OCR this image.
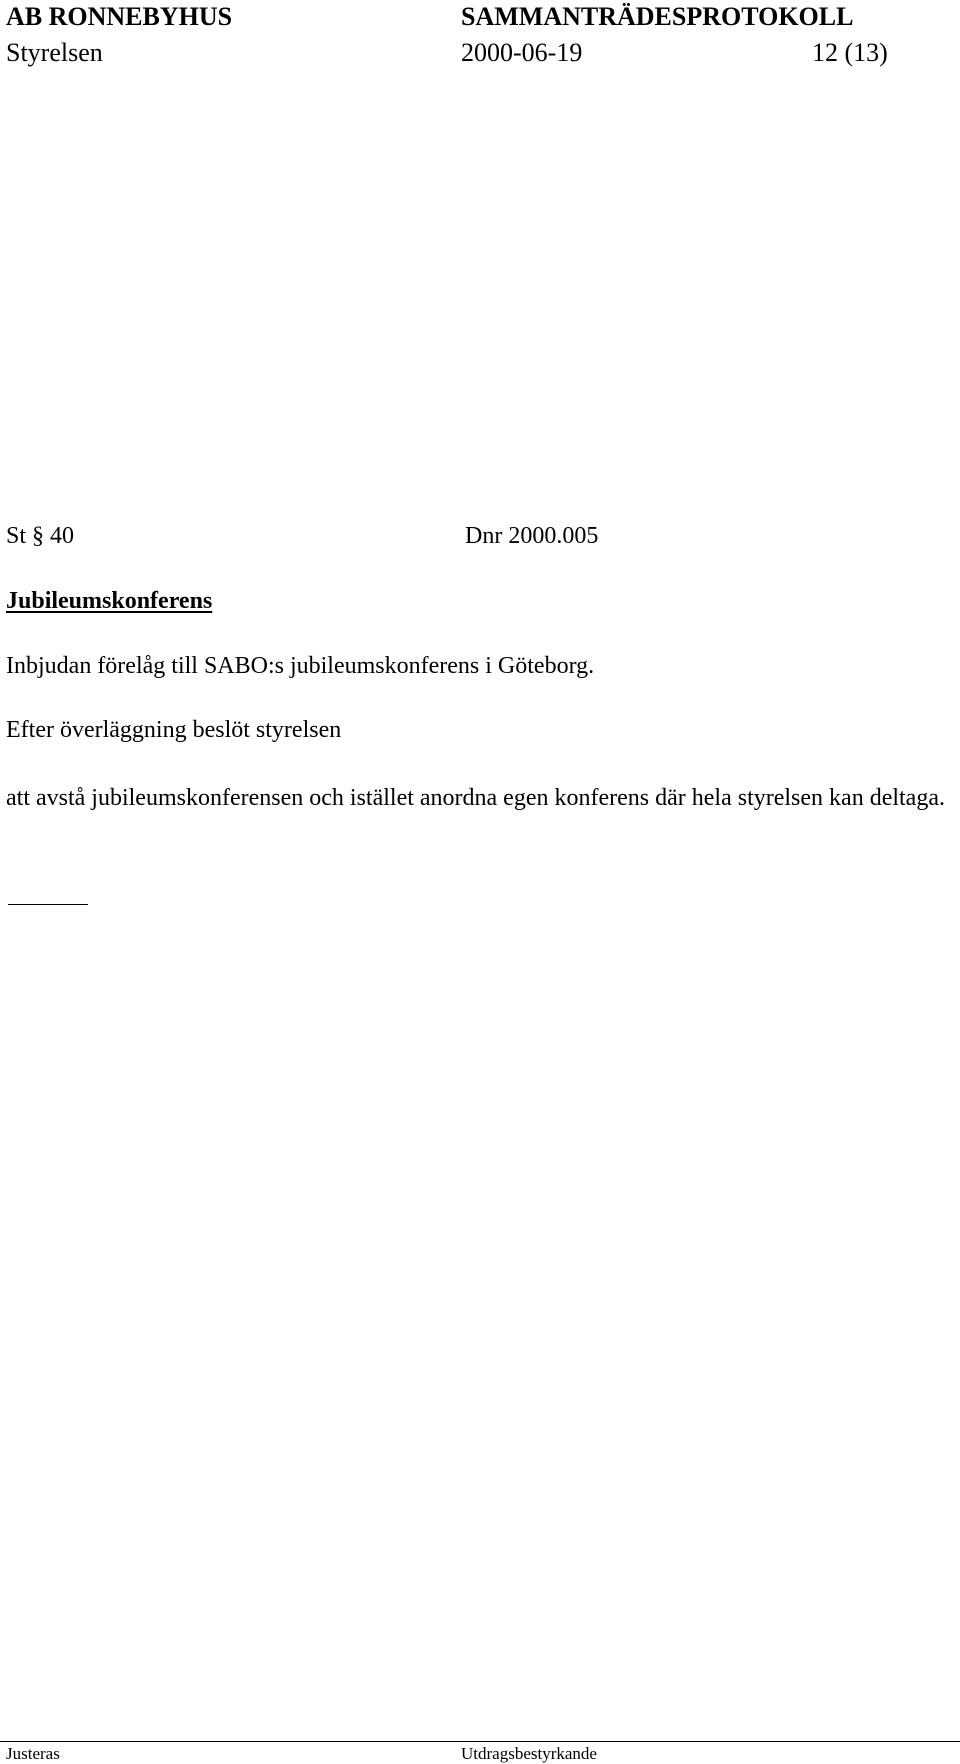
AB RONNEBYHUS	SAMMANTRÄDESPROTOKOLL
Styrelsen	2000-06-19	12 (13)
St § 40	Dnr 2000.005
Jubileumskonferens
Inbjudan förelåg till SABO:s jubileumskonferens i Göteborg.
Efter överläggning beslöt styrelsen
att avstå jubileumskonferensen och istället anordna egen konferens där hela styrelsen kan deltaga.
Justeras	Utdragsbestyrkande
